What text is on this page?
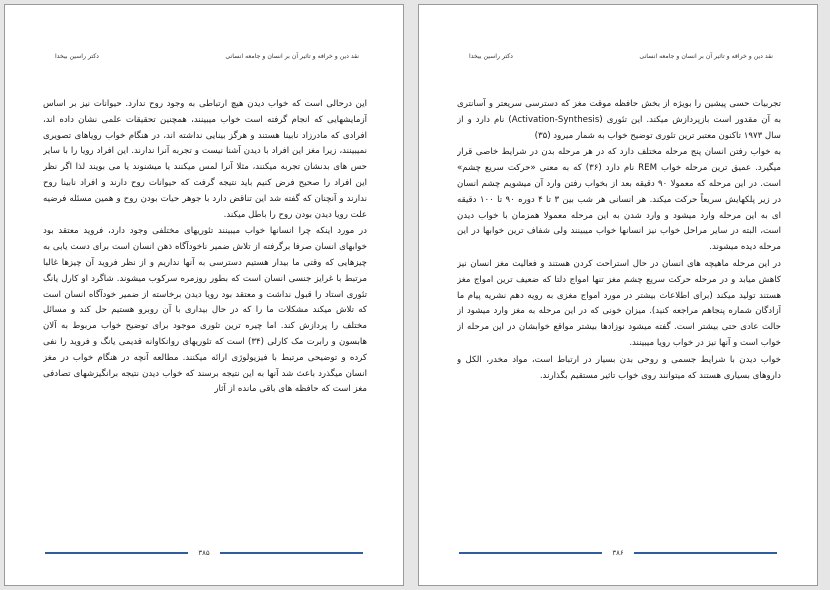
نقد دین و خرافه و تاثیر آن بر انسان و جامعه انسانی
دکتر راسین بیخدا

این درحالی است که خواب دیدن هیچ ارتباطی به وجود روح ندارد. حیوانات نیز بر اساس آزمایشهایی که انجام گرفته است خواب میبینند، همچنین تحقیقات علمی نشان داده اند، افرادی که مادرزاد نابینا هستند و هرگز بینایی نداشته اند، در هنگام خواب رویاهای تصویری نمیبینند، زیرا مغز این افراد با دیدن آشنا نیست و تجربه آنرا ندارند. این افراد رویا را با سایر حس های بدنشان تجربه میکنند، مثلا آنرا لمس میکنند یا میشنوند یا می بویند لذا اگر نظر این افراد را صحیح فرض کنیم باید نتیجه گرفت که حیوانات روح دارند و افراد نابینا روح ندارند و آنچنان که گفته شد این تناقض دارد با جوهر حیات بودن روح و همین مسئله فرضیه علت رویا دیدن بودن روح را باطل میکند.

در مورد اینکه چرا انسانها خواب میبینند تئوریهای مختلفی وجود دارد، فروید معتقد بود خوابهای انسان صرفا برگرفته از تلاش ضمیر ناخودآگاه ذهن انسان است برای دست یابی به چیزهایی که وقتی ما بیدار هستیم دسترسی به آنها نداریم و از نظر فروید آن چیزها غالبا مرتبط با غرایز جنسی انسان است که بطور روزمره سرکوب میشوند. شاگرد او کارل یانگ تئوری استاد را قبول نداشت و معتقد بود رویا دیدن برخاسته از ضمیر خودآگاه انسان است که تلاش میکند مشکلات ما را که در حال بیداری با آن روبرو هستیم حل کند و مسائل مختلف را پردازش کند. اما چیره ترین تئوری موجود برای توضیح خواب مربوط به آلان هابسون و رابرت مک کارلی (۳۴) است که تئوریهای روانکاوانه قدیمی یانگ و فروید را نفی کرده و توضیحی مرتبط با فیزیولوژی ارائه میکنند. مطالعه آنچه در هنگام خواب در مغز انسان میگذرد باعث شد آنها به این نتیجه برسند که خواب دیدن نتیجه برانگیزشهای تصادفی مغز است که حافظه های باقی مانده از آثار

۳۸۵
نقد دین و خرافه و تاثیر آن بر انسان و جامعه انسانی
دکتر راسین بیخدا

تجربیات حسی پیشین را بویژه از بخش حافظه موقت مغز که دسترسی سریعتر و آسانتری به آن مقدور است بازپردازش میکند. این تئوری (Activation-Synthesis) نام دارد و از سال ۱۹۷۳ تاکنون معتبر ترین تئوری توضیح خواب به شمار میرود (۳۵)

به خواب رفتن انسان پنج مرحله مختلف دارد که در هر مرحله بدن در شرایط خاصی قرار میگیرد. عمیق ترین مرحله خواب REM نام دارد (۳۶) که به معنی «حرکت سریع چشم» است. در این مرحله که معمولا ۹۰ دقیقه بعد از بخواب رفتن وارد آن میشویم چشم انسان در زیر پلکهایش سریعاً حرکت میکند. هر انسانی هر شب بین ۳ تا ۴ دوره ۹۰ تا ۱۰۰ دقیقه ای به این مرحله وارد میشود و وارد شدن به این مرحله معمولا همزمان با خواب دیدن است، البته در سایر مراحل خواب نیز انسانها خواب میبینند ولی شفاف ترین خوابها در این مرحله دیده میشوند.

در این مرحله ماهیچه های انسان در حال استراحت کردن هستند و فعالیت مغز انسان نیز کاهش میابد و در مرحله حرکت سریع چشم مغز تنها امواج دلتا که ضعیف ترین امواج مغز هستند تولید میکند (برای اطلاعات بیشتر در مورد امواج مغزی به رویه دهم نشریه پیام ما آزادگان شماره پنجاهم مراجعه کنید). میزان خونی که در این مرحله به مغز وارد میشود از حالت عادی حتی بیشتر است. گفته میشود نوزادها بیشتر مواقع خوابشان در این مرحله از خواب است و آنها نیز در خواب رویا میبینند.

خواب دیدن با شرایط جسمی و روحی بدن بسیار در ارتباط است، مواد مخدر، الکل و داروهای بسیاری هستند که میتوانند روی خواب تاثیر مستقیم بگذارند.

۳۸۶
